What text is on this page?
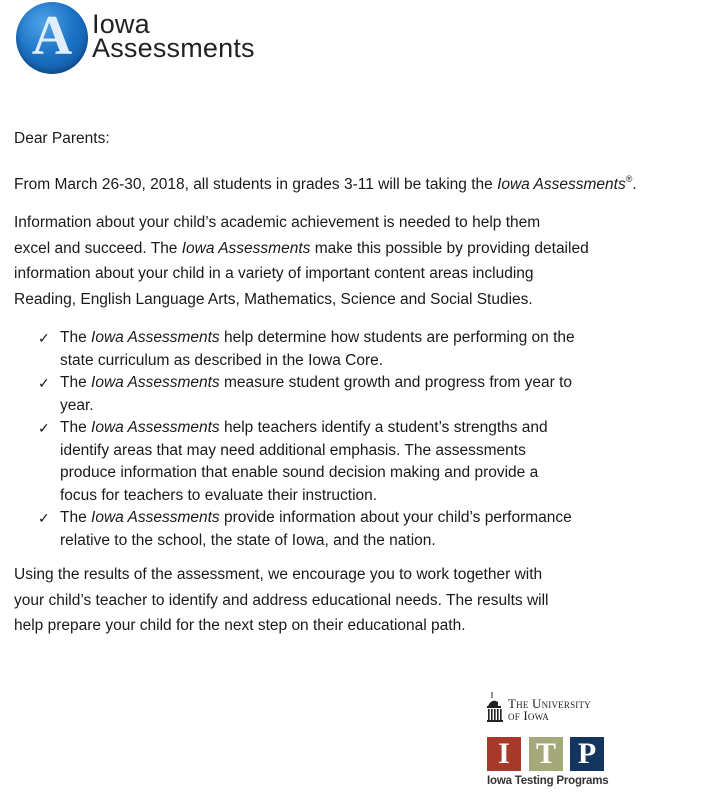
A Iowa
Assessments
Dear Parents:
From March 26-30, 2018, all students in grades 3-11 will be taking the Iowa Assessments®.
Information about your child’s academic achievement is needed to help them
excel and succeed. The Iowa Assessments make this possible by providing detailed
information about your child in a variety of important content areas including
Reading, English Language Arts, Mathematics, Science and Social Studies.
✓ The Iowa Assessments help determine how students are performing on the
state curriculum as described in the Iowa Core.
✓ The Iowa Assessments measure student growth and progress from year to
year.
✓ The Iowa Assessments help teachers identify a student’s strengths and
identify areas that may need additional emphasis. The assessments
produce information that enable sound decision making and provide a
focus for teachers to evaluate their instruction.
✓ The Iowa Assessments provide information about your child’s performance
relative to the school, the state of Iowa, and the nation.
Using the results of the assessment, we encourage you to work together with
your child’s teacher to identify and address educational needs. The results will
help prepare your child for the next step on their educational path.
The University
of Iowa
I T P
Iowa Testing Programs
